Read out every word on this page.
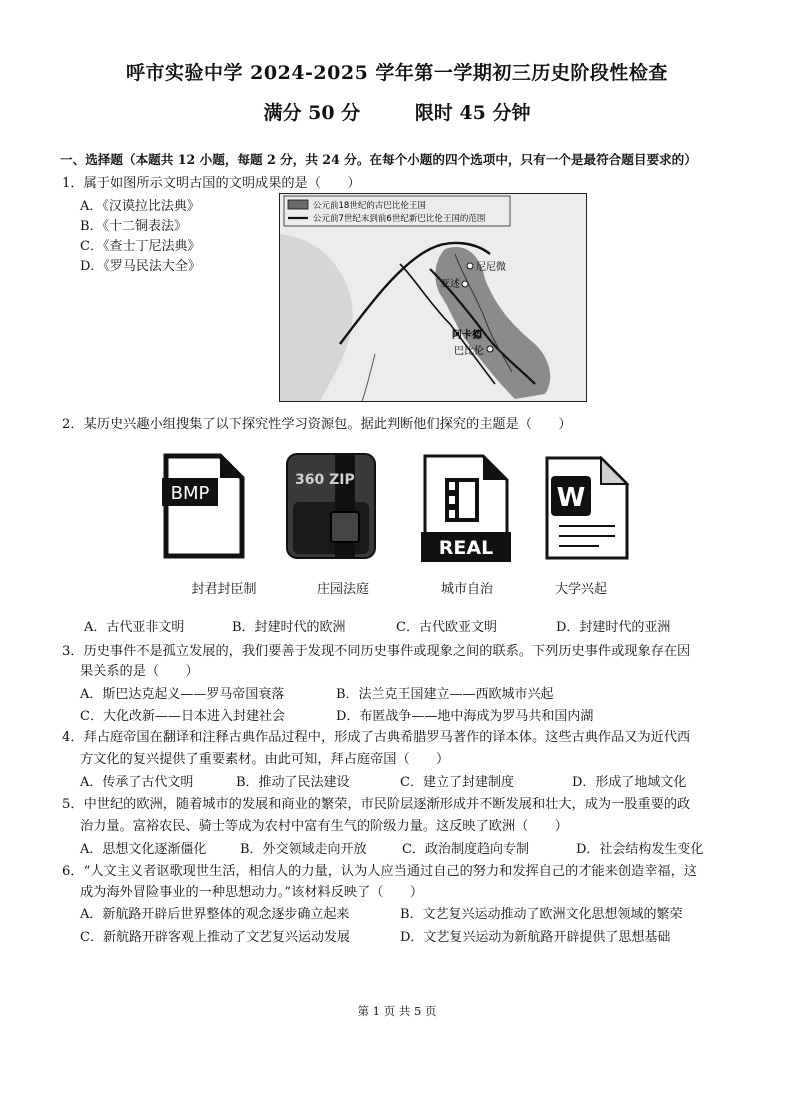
呼市实验中学 2024-2025 学年第一学期初三历史阶段性检查
满分 50 分	限时 45 分钟
一、选择题（本题共 12 小题，每题 2 分，共 24 分。在每个小题的四个选项中，只有一个是最符合题目要求的）
1．属于如图所示文明古国的文明成果的是（　　）
A．《汉谟拉比法典》
B．《十二铜表法》
C．《查士丁尼法典》
D．《罗马民法大全》
公元前18世纪的古巴比伦王国
公元前7世纪末到前6世纪新巴比伦王国的范围
尼尼微
亚述
阿卡德
巴比伦
2．某历史兴趣小组搜集了以下探究性学习资源包。据此判断他们探究的主题是（　　）
BMP
360 ZIP
REAL
W
封君封臣制	庄园法庭	城市自治	大学兴起
A．古代亚非文明	B．封建时代的欧洲	C．古代欧亚文明	D．封建时代的亚洲
3．历史事件不是孤立发展的，我们要善于发现不同历史事件或现象之间的联系。下列历史事件或现象存在因
果关系的是（　　）
A．斯巴达克起义——罗马帝国衰落	B．法兰克王国建立——西欧城市兴起
C．大化改新——日本进入封建社会	D．布匿战争——地中海成为罗马共和国内湖
4．拜占庭帝国在翻译和注释古典作品过程中，形成了古典希腊罗马著作的译本体。这些古典作品又为近代西
方文化的复兴提供了重要素材。由此可知，拜占庭帝国（　　）
A．传承了古代文明	B．推动了民法建设	C．建立了封建制度	D．形成了地域文化
5．中世纪的欧洲，随着城市的发展和商业的繁荣，市民阶层逐渐形成并不断发展和壮大，成为一股重要的政
治力量。富裕农民、骑士等成为农村中富有生气的阶级力量。这反映了欧洲（　　）
A．思想文化逐渐僵化	B．外交领域走向开放	C．政治制度趋向专制	D．社会结构发生变化
6．“人文主义者讴歌现世生活，相信人的力量，认为人应当通过自己的努力和发挥自己的才能来创造幸福，这
成为海外冒险事业的一种思想动力。”该材料反映了（　　）
A．新航路开辟后世界整体的观念逐步确立起来	B．文艺复兴运动推动了欧洲文化思想领域的繁荣
C．新航路开辟客观上推动了文艺复兴运动发展	D．文艺复兴运动为新航路开辟提供了思想基础
第 1 页 共 5 页
